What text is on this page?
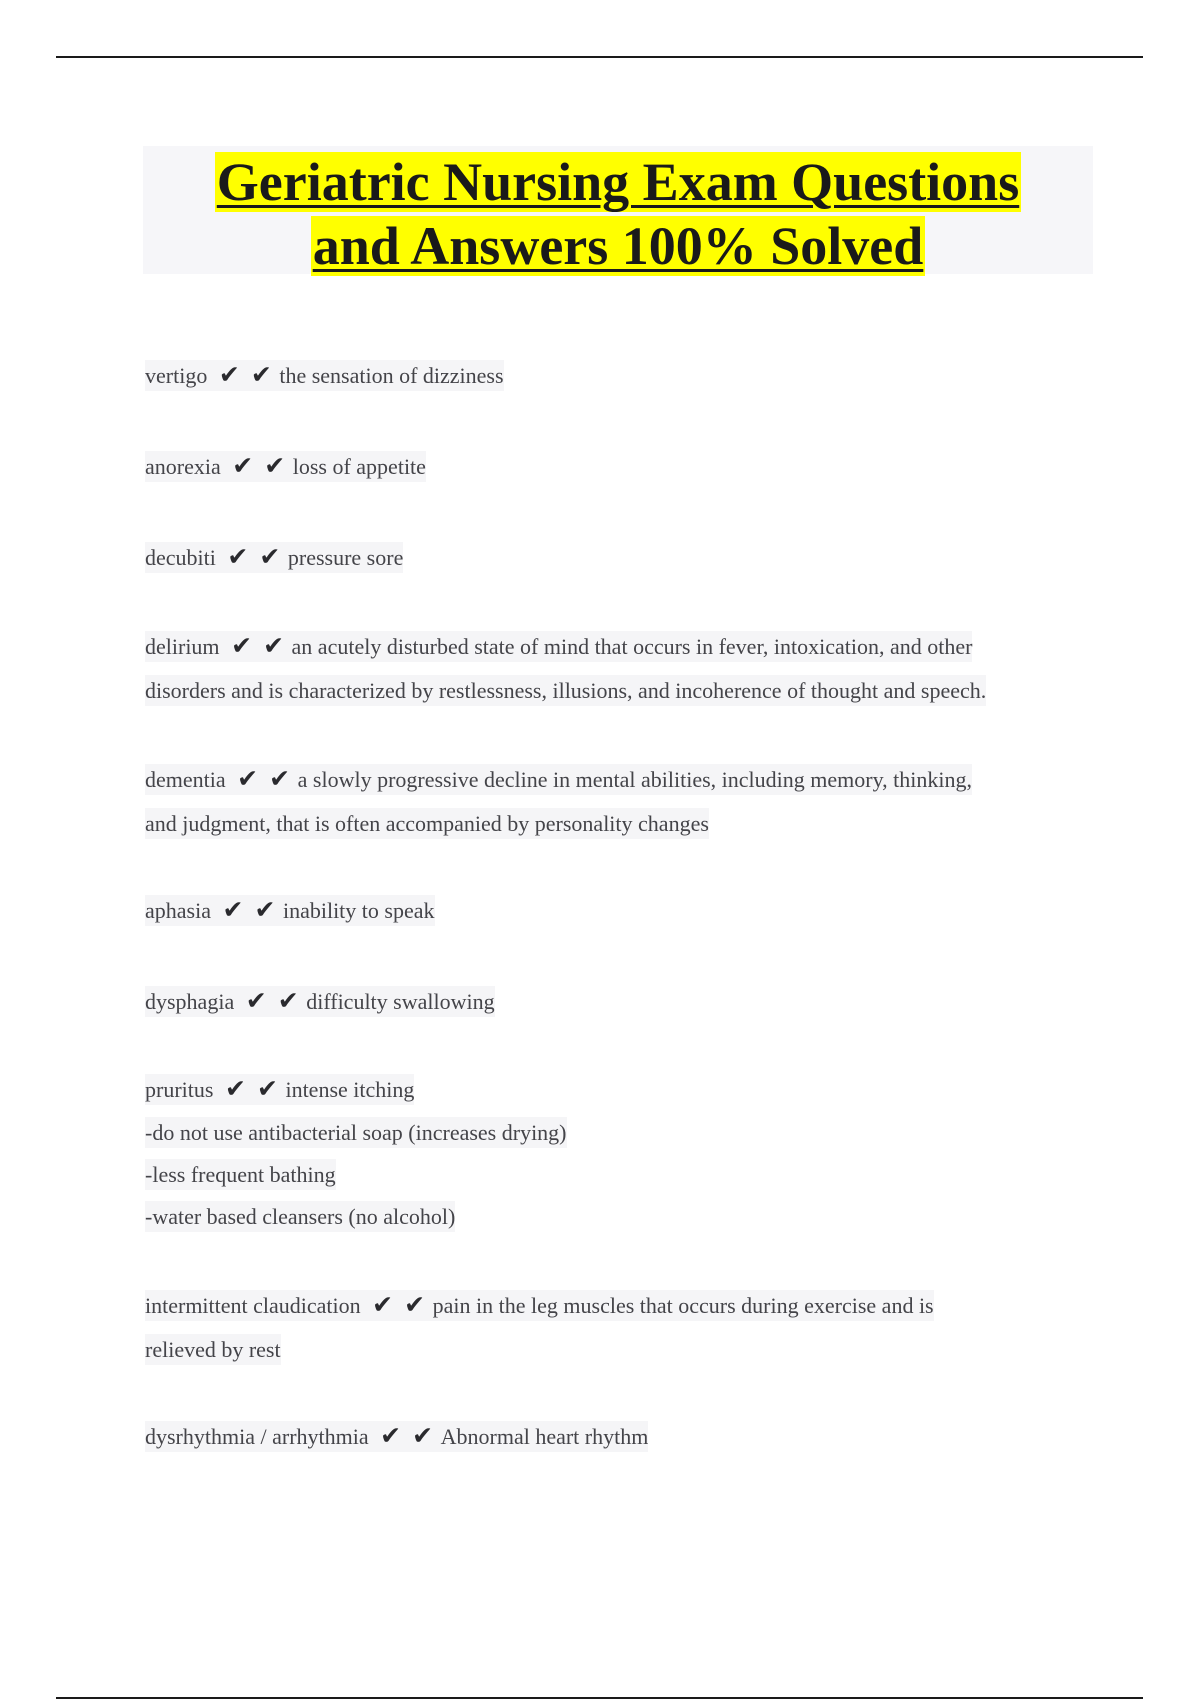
Geriatric Nursing Exam Questions
and Answers 100% Solved
vertigo ✔ ✔ the sensation of dizziness
anorexia ✔ ✔ loss of appetite
decubiti ✔ ✔ pressure sore
delirium ✔ ✔ an acutely disturbed state of mind that occurs in fever, intoxication, and other
disorders and is characterized by restlessness, illusions, and incoherence of thought and speech.
dementia ✔ ✔ a slowly progressive decline in mental abilities, including memory, thinking,
and judgment, that is often accompanied by personality changes
aphasia ✔ ✔ inability to speak
dysphagia ✔ ✔ difficulty swallowing
pruritus ✔ ✔ intense itching
-do not use antibacterial soap (increases drying)
-less frequent bathing
-water based cleansers (no alcohol)
intermittent claudication ✔ ✔ pain in the leg muscles that occurs during exercise and is
relieved by rest
dysrhythmia / arrhythmia ✔ ✔ Abnormal heart rhythm
